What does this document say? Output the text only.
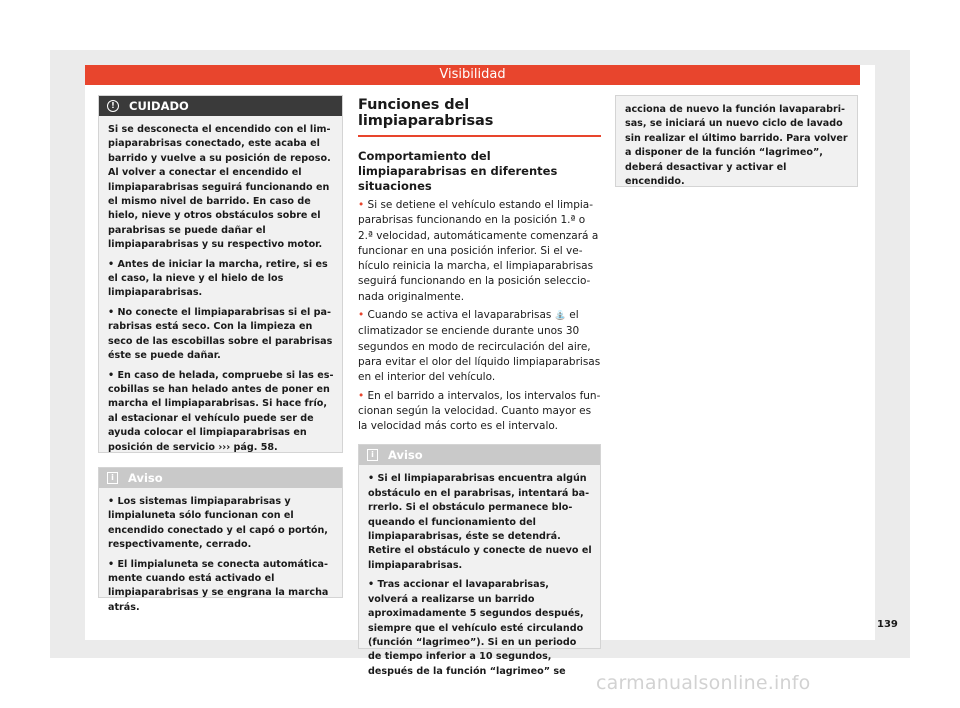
Visibilidad
!	CUIDADO

Si se desconecta el encendido con el limpiaparabrisas conectado, este acaba el barrido y vuelve a su posición de reposo. Al volver a conectar el encendido el limpiaparabrisas seguirá funcionando en el mismo nivel de barrido. En caso de hielo, nieve y otros obstáculos sobre el parabrisas se puede dañar el limpiaparabrisas y su respectivo motor.

• Antes de iniciar la marcha, retire, si es el caso, la nieve y el hielo de los limpiaparabrisas.

• No conecte el limpiaparabrisas si el parabrisas está seco. Con la limpieza en seco de las escobillas sobre el parabrisas éste se puede dañar.

• En caso de helada, compruebe si las escobillas se han helado antes de poner en marcha el limpiaparabrisas. Si hace frío, al estacionar el vehículo puede ser de ayuda colocar el limpiaparabrisas en posición de servicio ››› pág. 58.

i	Aviso

• Los sistemas limpiaparabrisas y limpialuneta sólo funcionan con el encendido conectado y el capó o portón, respectivamente, cerrado.

• El limpialuneta se conecta automáticamente cuando está activado el limpiaparabrisas y se engrana la marcha atrás.

Funciones del limpiaparabrisas
Comportamiento del limpiaparabrisas en diferentes situaciones

• Si se detiene el vehículo estando el limpiaparabrisas funcionando en la posición 1.ª o 2.ª velocidad, automáticamente comenzará a funcionar en una posición inferior. Si el vehículo reinicia la marcha, el limpiaparabrisas seguirá funcionando en la posición seleccionada originalmente.

• Cuando se activa el lavaparabrisas ⛲ el climatizador se enciende durante unos 30 segundos en modo de recirculación del aire, para evitar el olor del líquido limpiaparabrisas en el interior del vehículo.

• En el barrido a intervalos, los intervalos funcionan según la velocidad. Cuanto mayor es la velocidad más corto es el intervalo.

i	Aviso

• Si el limpiaparabrisas encuentra algún obstáculo en el parabrisas, intentará barrerlo. Si el obstáculo permanece bloqueando el funcionamiento del limpiaparabrisas, éste se detendrá. Retire el obstáculo y conecte de nuevo el limpiaparabrisas.

• Tras accionar el lavaparabrisas, volverá a realizarse un barrido aproximadamente 5 segundos después, siempre que el vehículo esté circulando (función “lagrimeo”). Si en un periodo de tiempo inferior a 10 segundos, después de la función “lagrimeo” se

acciona de nuevo la función lavaparabrisas, se iniciará un nuevo ciclo de lavado sin realizar el último barrido. Para volver a disponer de la función “lagrimeo”, deberá desactivar y activar el encendido.

139
carmanualsonline.info
